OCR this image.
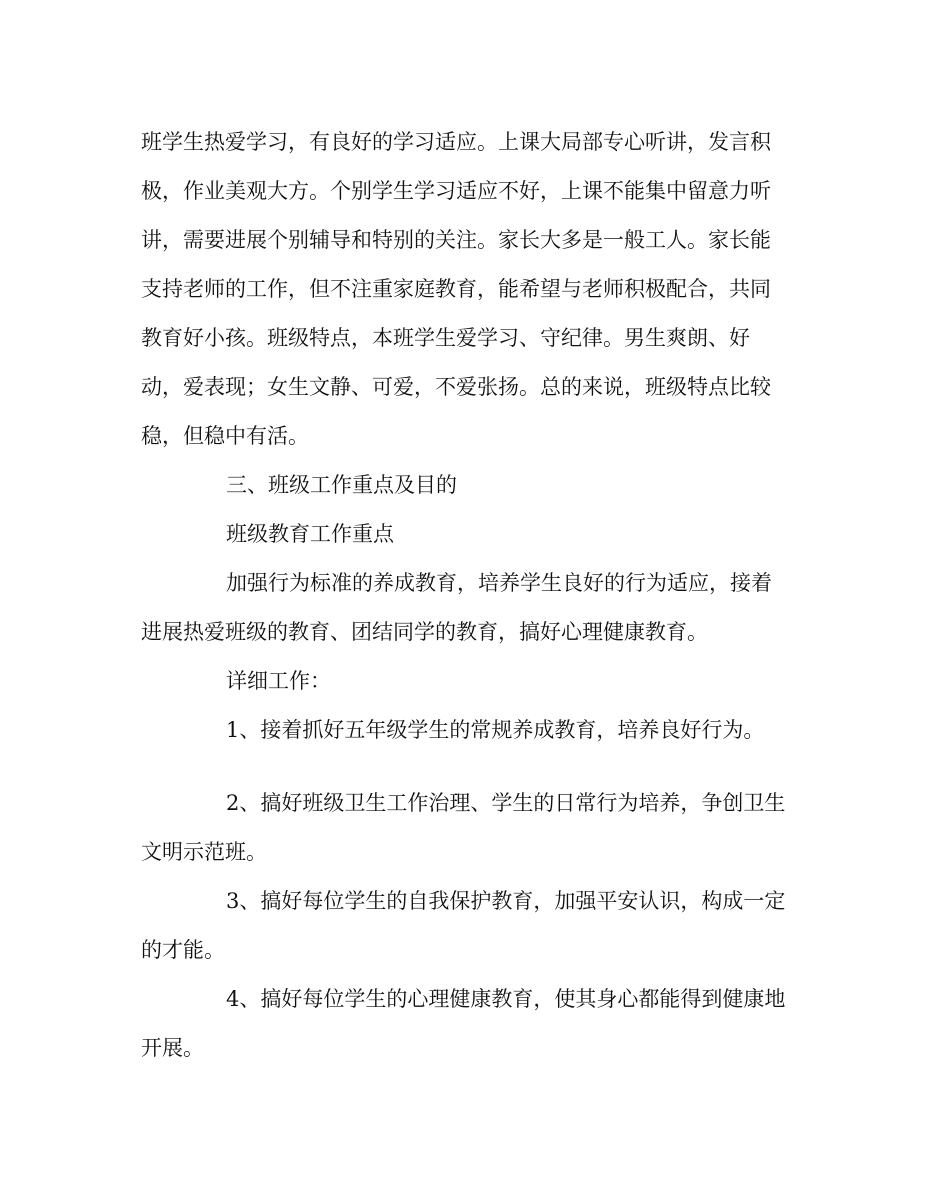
班学生热爱学习，有良好的学习适应。上课大局部专心听讲，发言积
极，作业美观大方。个别学生学习适应不好，上课不能集中留意力听
讲，需要进展个别辅导和特别的关注。家长大多是一般工人。家长能
支持老师的工作，但不注重家庭教育，能希望与老师积极配合，共同
教育好小孩。班级特点，本班学生爱学习、守纪律。男生爽朗、好
动，爱表现；女生文静、可爱，不爱张扬。总的来说，班级特点比较
稳，但稳中有活。
三、班级工作重点及目的
班级教育工作重点
加强行为标准的养成教育，培养学生良好的行为适应，接着
进展热爱班级的教育、团结同学的教育，搞好心理健康教育。
详细工作：
1、接着抓好五年级学生的常规养成教育，培养良好行为。
2、搞好班级卫生工作治理、学生的日常行为培养，争创卫生
文明示范班。
3、搞好每位学生的自我保护教育，加强平安认识，构成一定
的才能。
4、搞好每位学生的心理健康教育，使其身心都能得到健康地
开展。
